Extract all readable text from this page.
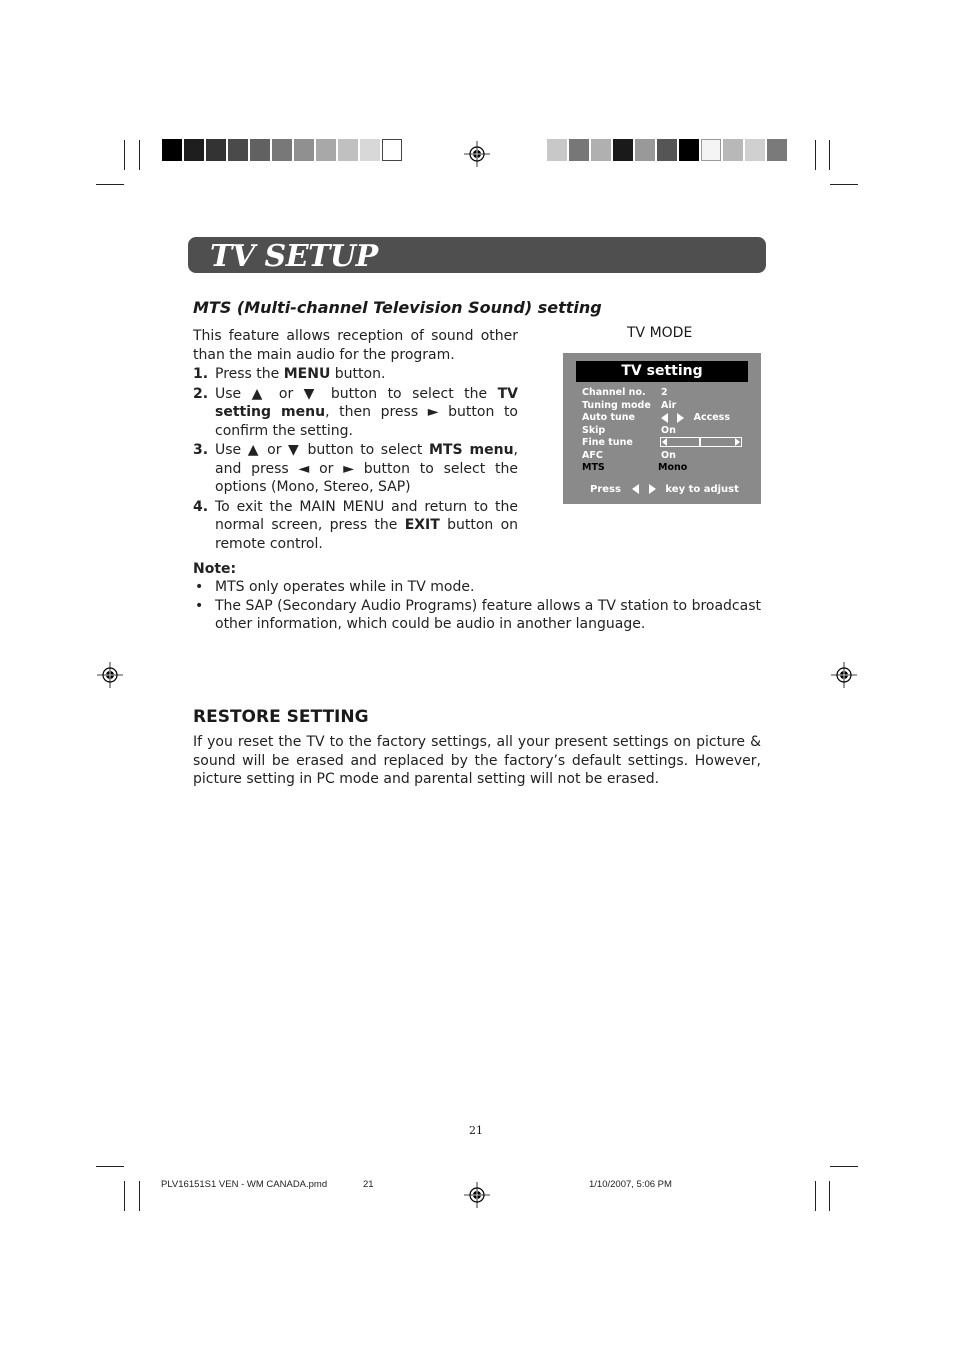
TV SETUP
MTS (Multi-channel Television Sound) setting
This feature allows reception of sound other than the main audio for the program.
1. Press the MENU button.
2. Use ▲ or ▼ button to select the TV setting menu, then press ► button to confirm the setting.
3. Use ▲ or ▼ button to select MTS menu, and press ◄ or ► button to select the options (Mono, Stereo, SAP)
4. To exit the MAIN MENU and return to the normal screen, press the EXIT button on remote control.
Note:
• MTS only operates while in TV mode.
• The SAP (Secondary Audio Programs) feature allows a TV station to broadcast other information, which could be audio in another language.
TV MODE
TV setting
Channel no. 2
Tuning mode Air
Auto tune	Access
Skip	On
Fine tune
AFC	On
MTS	Mono
Press	key to adjust
RESTORE SETTING
If you reset the TV to the factory settings, all your present settings on picture & sound will be erased and replaced by the factory’s default settings. However, picture setting in PC mode and parental setting will not be erased.
21
PLV16151S1 VEN - WM CANADA.pmd	21	1/10/2007, 5:06 PM
